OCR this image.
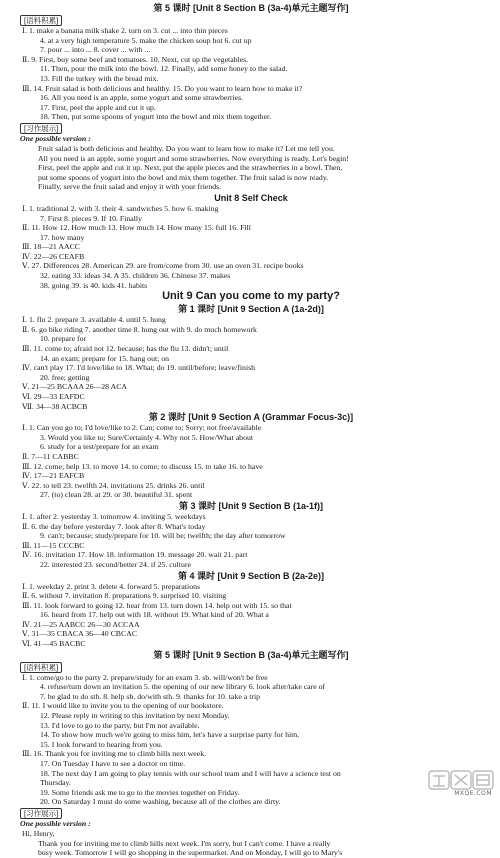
第 5 课时 [Unit 8 Section B (3a-4)单元主题写作]
[语料积累]
Ⅰ. 1. make a banana milk shake 2. turn on 3. cut ... into thin pieces
4. at a very high temperature 5. make the chicken soup hot 6. cut up
7. pour ... into ... 8. cover ... with ...
Ⅱ. 9. First, buy some beef and tomatoes. 10. Next, cut up the vegetables.
11. Then, pour the milk into the bowl. 12. Finally, add some honey to the salad.
13. Fill the turkey with the bread mix.
Ⅲ. 14. Fruit salad is both delicious and healthy. 15. Do you want to learn how to make it?
16. All you need is an apple, some yogurt and some strawberries.
17. First, peel the apple and cut it up.
18. Then, put some spoons of yogurt into the bowl and mix them together.
[习作展示]
One possible version :
Fruit salad is both delicious and healthy. Do you want to learn how to make it? Let me tell you.
All you need is an apple, some yogurt and some strawberries. Now everything is ready. Let's begin!
First, peel the apple and cut it up. Next, put the apple pieces and the strawberries in a bowl. Then,
put some spoons of yogurt into the bowl and mix them together. The fruit salad is now ready.
Finally, serve the fruit salad and enjoy it with your friends.
Unit 8 Self Check
Ⅰ. 1. traditional 2. with 3. their 4. sandwiches 5. how 6. making
7. First 8. pieces 9. If 10. Finally
Ⅱ. 11. How 12. How much 13. How much 14. How many 15. full 16. Fill
17. how many
Ⅲ. 18—21 AACC
Ⅳ. 22—26 CEAFB
Ⅴ. 27. Differences 28. American 29. are from/come from 30. use an oven 31. recipe books
32. eating 33. ideas 34. A 35. children 36. Chinese 37. makes
38. going 39. is 40. kids 41. habits
Unit 9 Can you come to my party?
第 1 课时 [Unit 9 Section A (1a-2d)]
Ⅰ. 1. flu 2. prepare 3. available 4. until 5. hung
Ⅱ. 6. go bike riding 7. another time 8. hung out with 9. do much homework
10. prepare for
Ⅲ. 11. come to; afraid not 12. because; has the flu 13. didn't; until
14. an exam; prepare for 15. hang out; on
Ⅳ. can't play 17. I'd love/like to 18. What; do 19. until/before; leave/finish
20. free; getting
Ⅴ. 21—25 BCAAA 26—28 ACA
Ⅵ. 29—33 EAFDC
Ⅶ. 34—38 ACBCB
第 2 课时 [Unit 9 Section A (Grammar Focus-3c)]
Ⅰ. 1. Can you go to; I'd love/like to 2. Can; come to; Sorry; not free/available
3. Would you like to; Sure/Certainly 4. Why not 5. How/What about
6. study for a test/prepare for an exam
Ⅱ. 7—11 CABBC
Ⅲ. 12. come; help 13. to move 14. to come; to discuss 15. to take 16. to have
Ⅳ. 17—21 EAFCB
Ⅴ. 22. to tell 23. twelfth 24. invitations 25. drinks 26. until
27. (to) clean 28. at 29. or 30. beautiful 31. spent
第 3 课时 [Unit 9 Section B (1a-1f)]
Ⅰ. 1. after 2. yesterday 3. tomorrow 4. inviting 5. weekdays
Ⅱ. 6. the day before yesterday 7. look after 8. What's today
9. can't; because; study/prepare for 10. will be; twelfth; the day after tomorrow
Ⅲ. 11—15 CCCBC
Ⅳ. 16. invitation 17. How 18. information 19. message 20. wait 21. part
22. interested 23. second/better 24. if 25. culture
第 4 课时 [Unit 9 Section B (2a-2e)]
Ⅰ. 1. weekday 2. print 3. delete 4. forward 5. preparations
Ⅱ. 6. without 7. invitation 8. preparations 9. surprised 10. visiting
Ⅲ. 11. look forward to going 12. hear from 13. turn down 14. help out with 15. so that
16. heard from 17. help out with 18. without 19. What kind of 20. What a
Ⅳ. 21—25 AABCC 26—30 ACCAA
Ⅴ. 31—35 CBACA 36—40 CBCAC
Ⅵ. 41—45 BACBC
第 5 课时 [Unit 9 Section B (3a-4)单元主题写作]
[语料积累]
Ⅰ. 1. come/go to the party 2. prepare/study for an exam 3. sb. will/won't be free
4. refuse/turn down an invitation 5. the opening of our new library 6. look after/take care of
7. be glad to do sth. 8. help sb. do/with sth. 9. thanks for 10. take a trip
Ⅱ. 11. I would like to invite you to the opening of our bookstore.
12. Please reply in writing to this invitation by next Monday.
13. I'd love to go to the party, but I'm not available.
14. To show how much we're going to miss him, let's have a surprise party for him.
15. I look forward to hearing from you.
Ⅲ. 16. Thank you for inviting me to climb hills next week.
17. On Tuesday I have to see a doctor on time.
18. The next day I am going to play tennis with our school team and I will have a science test on
Thursday.
19. Some friends ask me to go to the movies together on Friday.
20. On Saturday I must do some washing, because all of the clothes are dirty.
[习作展示]
One possible version :
Hi, Henry,
Thank you for inviting me to climb hills next week. I'm sorry, but I can't come. I have a really
busy week. Tomorrow I will go shopping in the supermarket. And on Monday, I will go to Mary's
MXQE.COM
